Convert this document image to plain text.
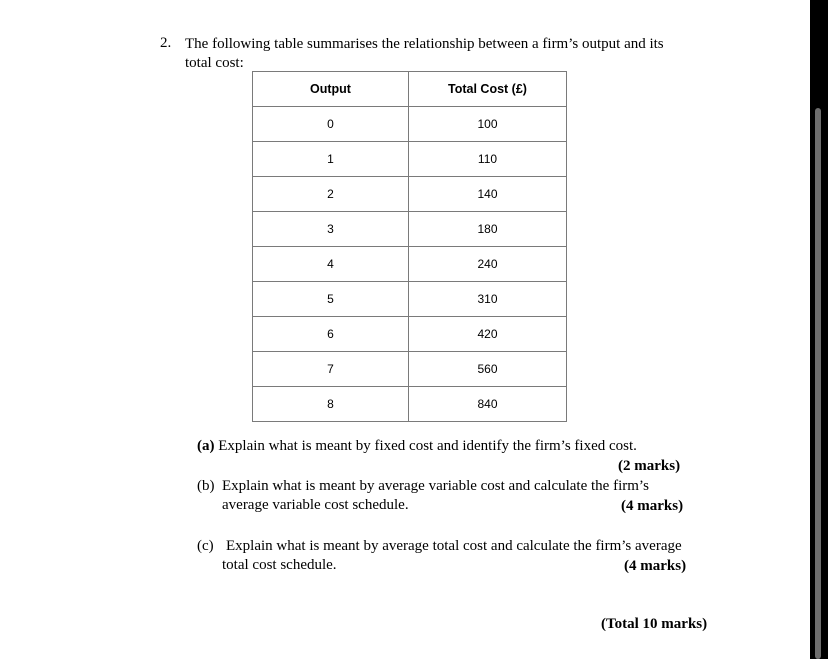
2. The following table summarises the relationship between a firm’s output and its
total cost:
Output	Total Cost (£)
0	100
1	110
2	140
3	180
4	240
5	310
6	420
7	560
8	840
(a) Explain what is meant by fixed cost and identify the firm’s fixed cost.
(2 marks)
(b) Explain what is meant by average variable cost and calculate the firm’s
average variable cost schedule.	(4 marks)
(c) Explain what is meant by average total cost and calculate the firm’s average
total cost schedule.	(4 marks)
(Total 10 marks)
